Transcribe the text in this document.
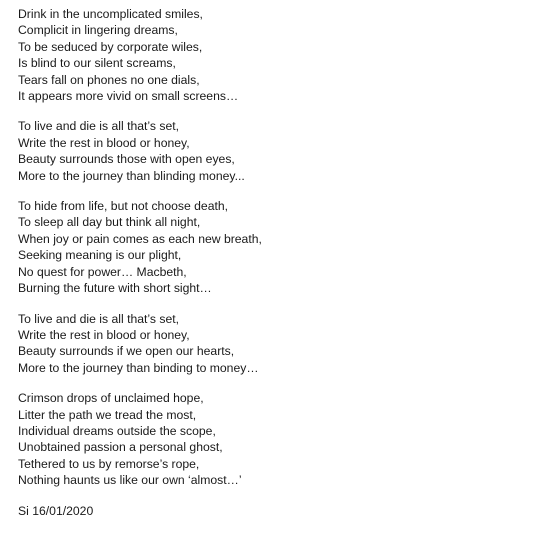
Drink in the uncomplicated smiles,
Complicit in lingering dreams,
To be seduced by corporate wiles,
Is blind to our silent screams,
Tears fall on phones no one dials,
It appears more vivid on small screens…
To live and die is all that’s set,
Write the rest in blood or honey,
Beauty surrounds those with open eyes,
More to the journey than blinding money...
To hide from life, but not choose death,
To sleep all day but think all night,
When joy or pain comes as each new breath,
Seeking meaning is our plight,
No quest for power… Macbeth,
Burning the future with short sight…
To live and die is all that’s set,
Write the rest in blood or honey,
Beauty surrounds if we open our hearts,
More to the journey than binding to money…
Crimson drops of unclaimed hope,
Litter the path we tread the most,
Individual dreams outside the scope,
Unobtained passion a personal ghost,
Tethered to us by remorse’s rope,
Nothing haunts us like our own ‘almost…’
Si 16/01/2020
